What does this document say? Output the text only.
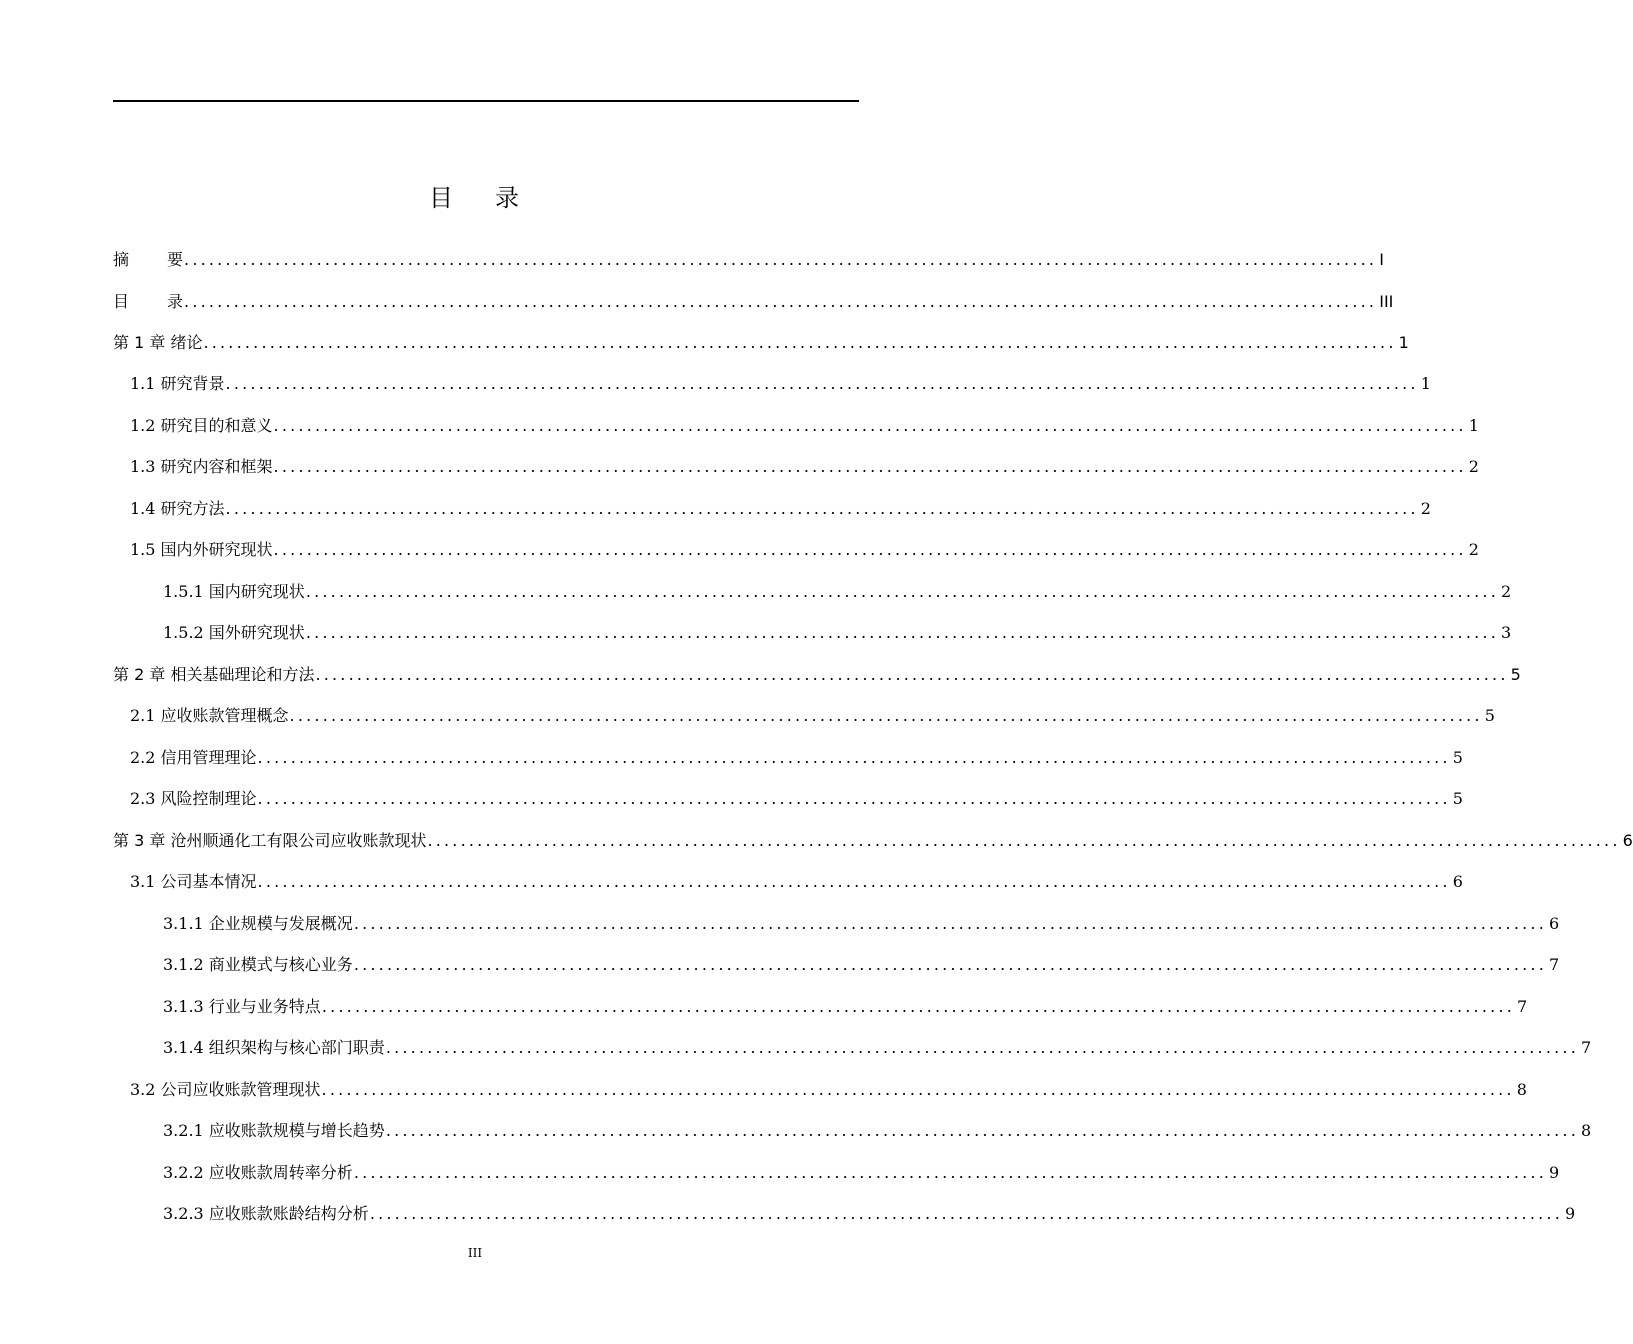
目 录
摘 要 ................................................................................................................................................ I
目 录 ................................................................................................................................................ III
第 1 章 绪论 ................................................................................................................................................ 1
1.1 研究背景 ................................................................................................................................................ 1
1.2 研究目的和意义 ................................................................................................................................................ 1
1.3 研究内容和框架 ................................................................................................................................................ 2
1.4 研究方法 ................................................................................................................................................ 2
1.5 国内外研究现状 ................................................................................................................................................ 2
1.5.1 国内研究现状 ................................................................................................................................................ 2
1.5.2 国外研究现状 ................................................................................................................................................ 3
第 2 章 相关基础理论和方法 ................................................................................................................................................ 5
2.1 应收账款管理概念 ................................................................................................................................................ 5
2.2 信用管理理论 ................................................................................................................................................ 5
2.3 风险控制理论 ................................................................................................................................................ 5
第 3 章 沧州顺通化工有限公司应收账款现状 ................................................................................................................................................ 6
3.1 公司基本情况 ................................................................................................................................................ 6
3.1.1 企业规模与发展概况 ................................................................................................................................................ 6
3.1.2 商业模式与核心业务 ................................................................................................................................................ 7
3.1.3 行业与业务特点 ................................................................................................................................................ 7
3.1.4 组织架构与核心部门职责 ................................................................................................................................................ 7
3.2 公司应收账款管理现状 ................................................................................................................................................ 8
3.2.1 应收账款规模与增长趋势 ................................................................................................................................................ 8
3.2.2 应收账款周转率分析 ................................................................................................................................................ 9
3.2.3 应收账款账龄结构分析 ................................................................................................................................................ 9
III
